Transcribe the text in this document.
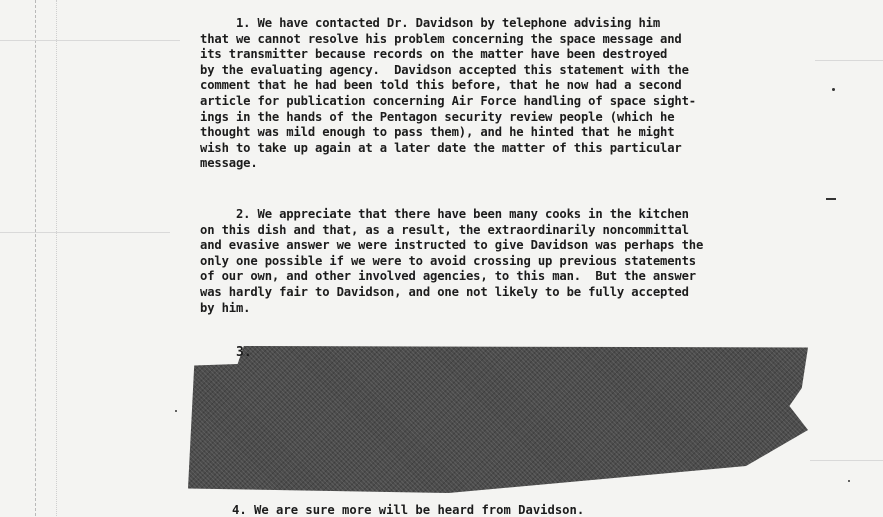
1. We have contacted Dr. Davidson by telephone advising him
that we cannot resolve his problem concerning the space message and
its transmitter because records on the matter have been destroyed
by the evaluating agency.  Davidson accepted this statement with the
comment that he had been told this before, that he now had a second
article for publication concerning Air Force handling of space sight-
ings in the hands of the Pentagon security review people (which he
thought was mild enough to pass them), and he hinted that he might
wish to take up again at a later date the matter of this particular
message.

2. We appreciate that there have been many cooks in the kitchen
on this dish and that, as a result, the extraordinarily noncommittal
and evasive answer we were instructed to give Davidson was perhaps the
only one possible if we were to avoid crossing up previous statements
of our own, and other involved agencies, to this man.  But the answer
was hardly fair to Davidson, and one not likely to be fully accepted
by him.

3.
4. We are sure more will be heard from Davidson.
